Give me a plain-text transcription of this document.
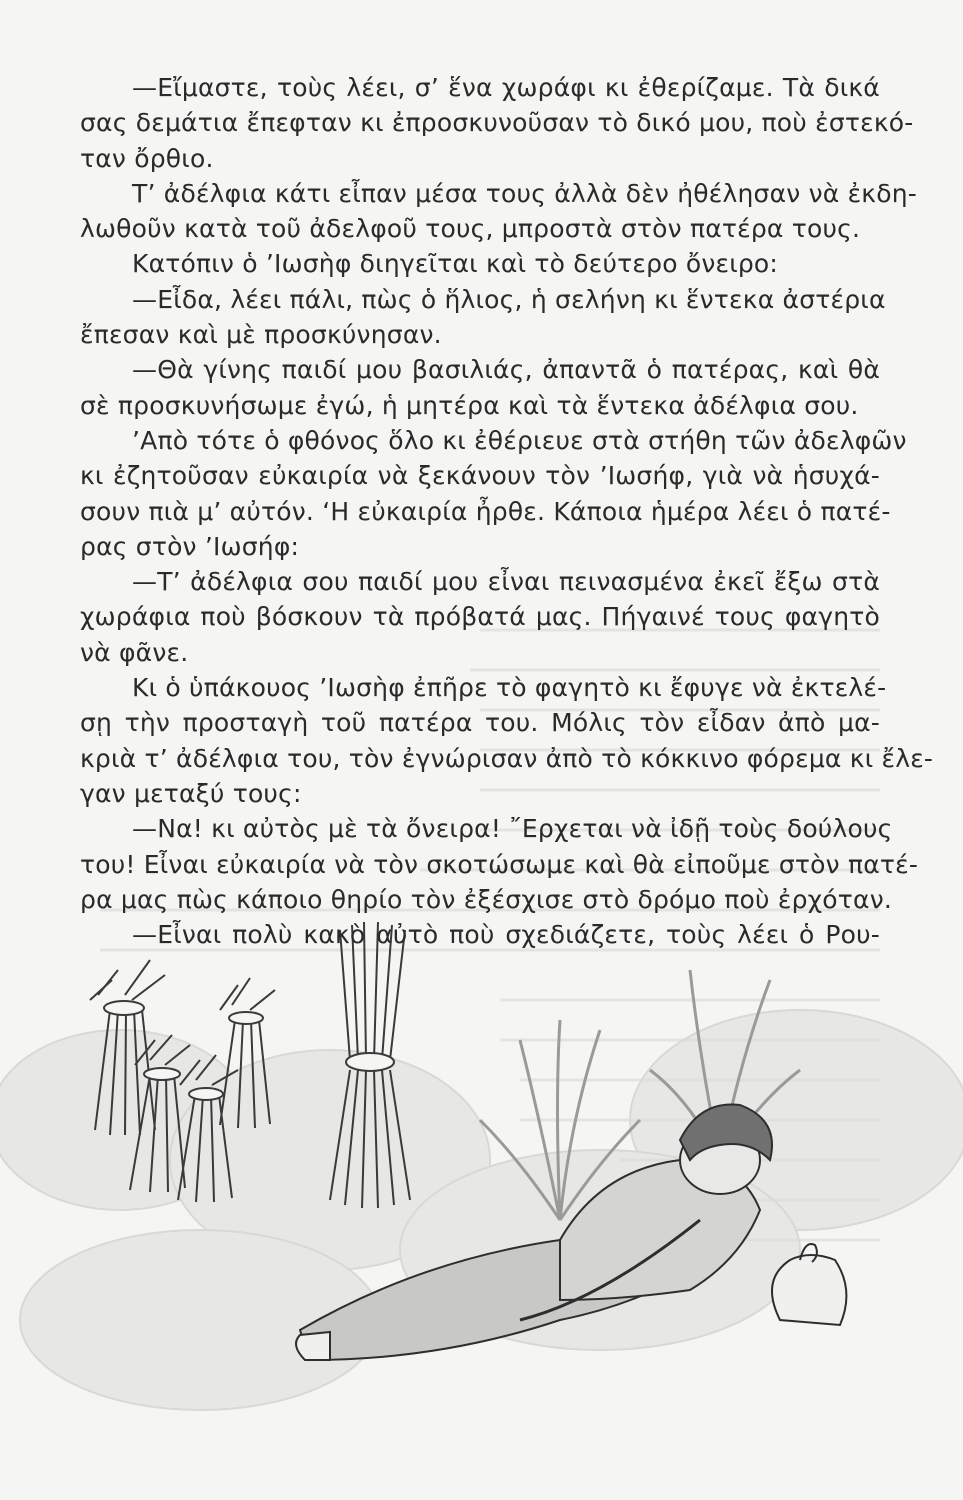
—Εἴμαστε, τοὺς λέει, σ’ ἕνα χωράφι κι ἐθερίζαμε. Τὰ δικά
σας δεμάτια ἔπεφταν κι ἐπροσκυνοῦσαν τὸ δικό μου, ποὺ ἐστεκό-
ταν ὄρθιο.
Τ’ ἀδέλφια κάτι εἶπαν μέσα τους ἀλλὰ δὲν ἠθέλησαν νὰ ἐκδη-
λωθοῦν κατὰ τοῦ ἀδελφοῦ τους, μπροστὰ στὸν πατέρα τους.
Κατόπιν ὁ ’Ιωσὴφ διηγεῖται καὶ τὸ δεύτερο ὄνειρο:
—Εἶδα, λέει πάλι, πὼς ὁ ἥλιος, ἡ σελήνη κι ἕντεκα ἀστέρια
ἔπεσαν καὶ μὲ προσκύνησαν.
—Θὰ γίνης παιδί μου βασιλιάς, ἀπαντᾶ ὁ πατέρας, καὶ θὰ
σὲ προσκυνήσωμε ἐγώ, ἡ μητέρα καὶ τὰ ἕντεκα ἀδέλφια σου.
’Απὸ τότε ὁ φθόνος ὅλο κι ἐθέριευε στὰ στήθη τῶν ἀδελφῶν
κι ἐζητοῦσαν εὐκαιρία νὰ ξεκάνουν τὸν ’Ιωσήφ, γιὰ νὰ ἡσυχά-
σουν πιὰ μ’ αὐτόν. ‘Η εὐκαιρία ἦρθε. Κάποια ἡμέρα λέει ὁ πατέ-
ρας στὸν ’Ιωσήφ:
—Τ’ ἀδέλφια σου παιδί μου εἶναι πεινασμένα ἐκεῖ ἔξω στὰ
χωράφια ποὺ βόσκουν τὰ πρόβατά μας. Πήγαινέ τους φαγητὸ
νὰ φᾶνε.
Κι ὁ ὑπάκουος ’Ιωσὴφ ἐπῆρε τὸ φαγητὸ κι ἔφυγε νὰ ἐκτελέ-
σῃ τὴν προσταγὴ τοῦ πατέρα του. Μόλις τὸν εἶδαν ἀπὸ μα-
κριὰ τ’ ἀδέλφια του, τὸν ἐγνώρισαν ἀπὸ τὸ κόκκινο φόρεμα κι ἔλε-
γαν μεταξύ τους:
—Να! κι αὐτὸς μὲ τὰ ὄνειρα! ῎Ερχεται νὰ ἰδῇ τοὺς δούλους
του! Εἶναι εὐκαιρία νὰ τὸν σκοτώσωμε καὶ θὰ εἰποῦμε στὸν πατέ-
ρα μας πὼς κάποιο θηρίο τὸν ἐξέσχισε στὸ δρόμο ποὺ ἐρχόταν.
—Εἶναι πολὺ κακὸ αὐτὸ ποὺ σχεδιάζετε, τοὺς λέει ὁ Ρου-
